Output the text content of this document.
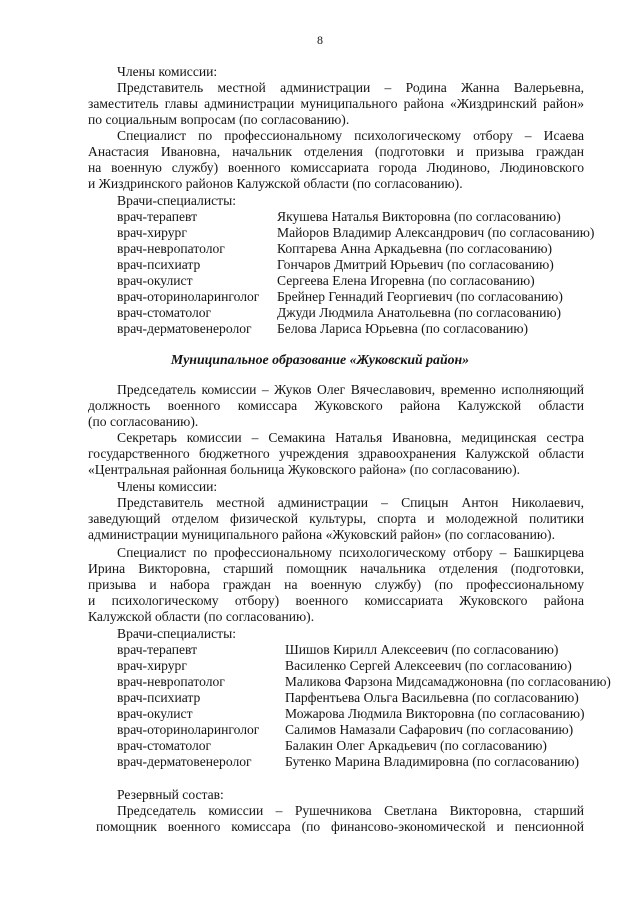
8
Члены комиссии:
Представитель местной администрации – Родина Жанна Валерьевна,
заместитель главы администрации муниципального района «Жиздринский район»
по социальным вопросам (по согласованию).
Специалист по профессиональному психологическому отбору – Исаева
Анастасия Ивановна, начальник отделения (подготовки и призыва граждан
на военную службу) военного комиссариата города Людиново, Людиновского
и Жиздринского районов Калужской области (по согласованию).
Врачи-специалисты:
врач-терапевт	Якушева Наталья Викторовна (по согласованию)
врач-хирург	Майоров Владимир Александрович (по согласованию)
врач-невропатолог	Коптарева Анна Аркадьевна (по согласованию)
врач-психиатр	Гончаров Дмитрий Юрьевич (по согласованию)
врач-окулист	Сергеева Елена Игоревна (по согласованию)
врач-оториноларинголог Брейнер Геннадий Георгиевич (по согласованию)
врач-стоматолог	Джуди Людмила Анатольевна (по согласованию)
врач-дерматовенеролог Белова Лариса Юрьевна (по согласованию)
Муниципальное образование «Жуковский район»
Председатель комиссии – Жуков Олег Вячеславович, временно исполняющий
должность военного комиссара Жуковского района Калужской области
(по согласованию).
Секретарь комиссии – Семакина Наталья Ивановна, медицинская сестра
государственного бюджетного учреждения здравоохранения Калужской области
«Центральная районная больница Жуковского района» (по согласованию).
Члены комиссии:
Представитель местной администрации – Спицын Антон Николаевич,
заведующий отделом физической культуры, спорта и молодежной политики
администрации муниципального района «Жуковский район» (по согласованию).
Специалист по профессиональному психологическому отбору – Башкирцева
Ирина Викторовна, старший помощник начальника отделения (подготовки,
призыва и набора граждан на военную службу) (по профессиональному
и психологическому отбору) военного комиссариата Жуковского района
Калужской области (по согласованию).
Врачи-специалисты:
врач-терапевт	Шишов Кирилл Алексеевич (по согласованию)
врач-хирург	Василенко Сергей Алексеевич (по согласованию)
врач-невропатолог	Маликова Фарзона Мидсамаджоновна (по согласованию)
врач-психиатр	Парфентьева Ольга Васильевна (по согласованию)
врач-окулист	Можарова Людмила Викторовна (по согласованию)
врач-оториноларинголог Салимов Намазали Сафарович (по согласованию)
врач-стоматолог	Балакин Олег Аркадьевич (по согласованию)
врач-дерматовенеролог Бутенко Марина Владимировна (по согласованию)
Резервный состав:
Председатель комиссии – Рушечникова Светлана Викторовна, старший
помощник военного комиссара (по финансово-экономической и пенсионной
